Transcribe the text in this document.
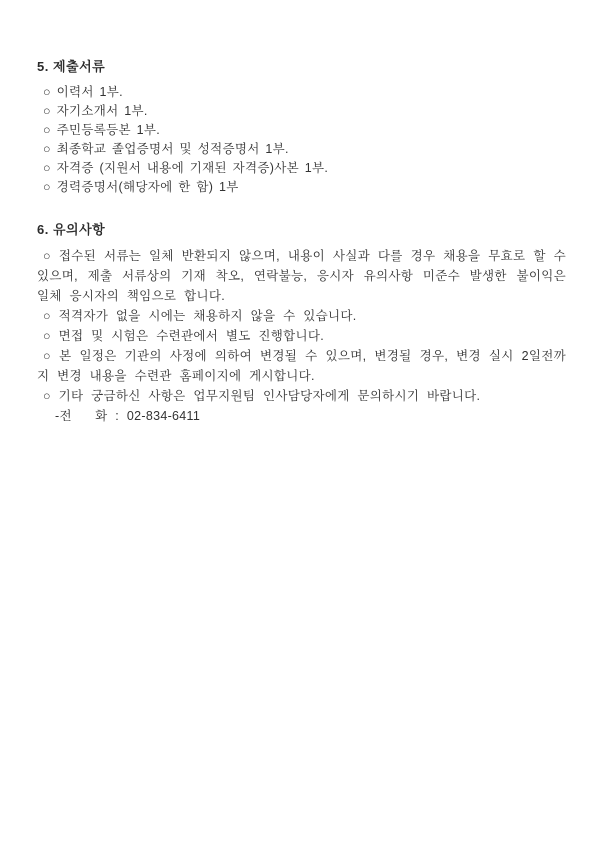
5. 제출서류

○ 이력서 1부.

○ 자기소개서 1부.

○ 주민등록등본 1부.

○ 최종학교 졸업증명서 및 성적증명서 1부.

○ 자격증 (지원서 내용에 기재된 자격증)사본 1부.

○ 경력증명서(해당자에 한 함) 1부

6. 유의사항

○ 접수된 서류는 일체 반환되지 않으며, 내용이 사실과 다를 경우 채용을 무효로 할 수 있으며, 제출 서류상의 기재 착오, 연락불능, 응시자 유의사항 미준수 발생한 불이익은 일체 응시자의 책임으로 합니다.

○ 적격자가 없을 시에는 채용하지 않을 수 있습니다.

○ 면접 및 시험은 수련관에서 별도 진행합니다.

○ 본 일정은 기관의 사정에 의하여 변경될 수 있으며, 변경될 경우, 변경 실시 2일전까지 변경 내용을 수련관 홈페이지에 게시합니다.

○ 기타 궁금하신 사항은 업무지원팀 인사담당자에게 문의하시기 바랍니다.

-전   화 : 02-834-6411
